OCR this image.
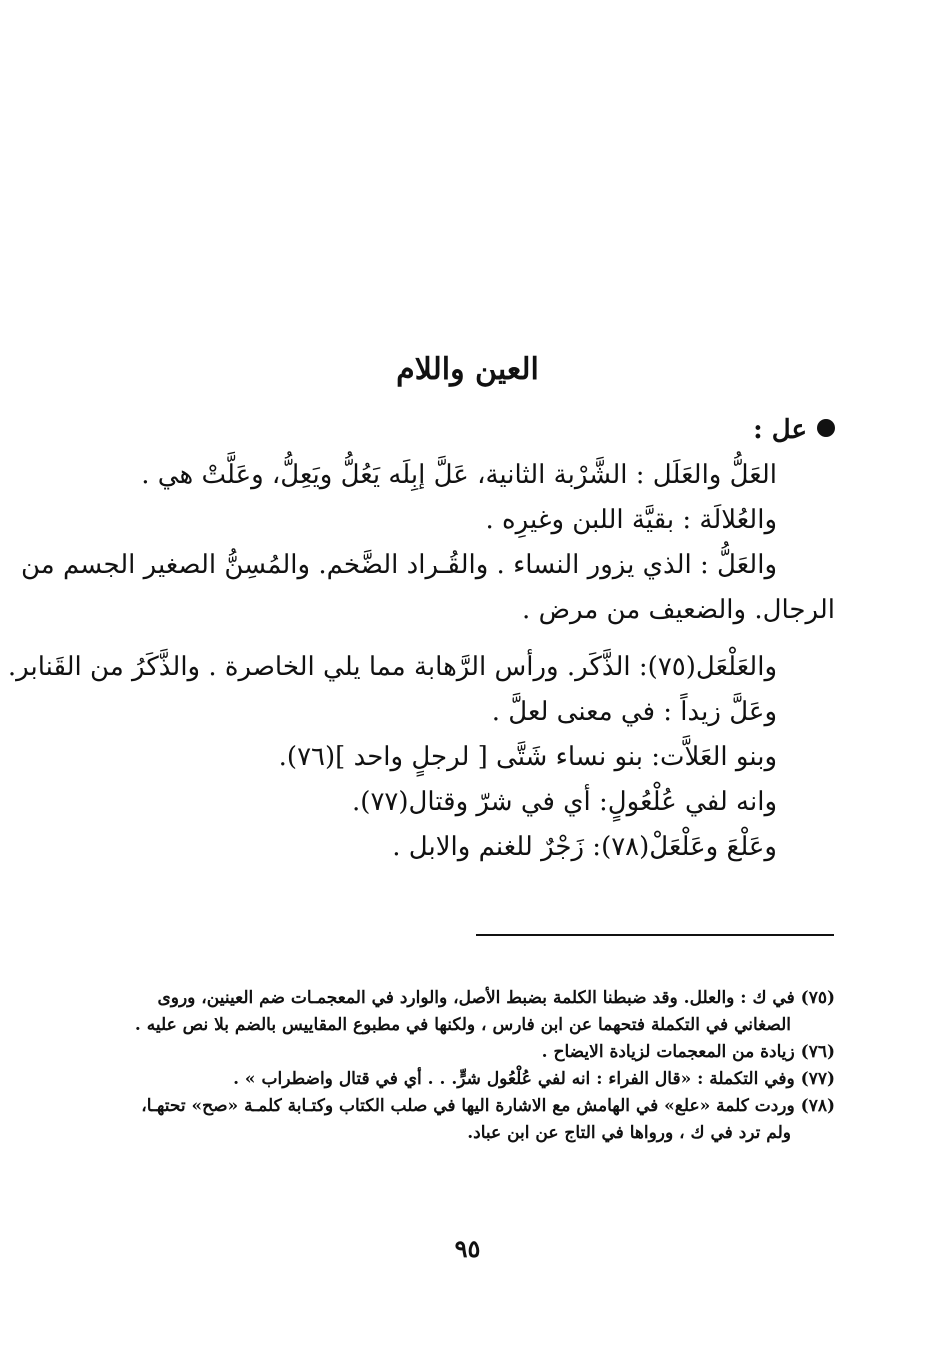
العين واللام
عل :
العَلُّ والعَلَل : الشَّرْبة الثانية، عَلَّ إبِلَه يَعُلُّ ويَعِلُّ، وعَلَّتْ هي .
والعُلالَة : بقيَّة اللبن وغيرِه .
والعَلُّ : الذي يزور النساء . والقُـراد الضَّخم. والمُسِنُّ الصغير الجسم من
الرجال. والضعيف من مرض .
والعَلْعَل(٧٥): الذَّكَر. ورأس الرَّهابة مما يلي الخاصرة . والذَّكَرُ من القَنابر.
وعَلَّ زيداً : في معنى لعلَّ .
وبنو العَلاَّت: بنو نساء شَتَّى [ لرجلٍ واحد ](٧٦).
وانه لفي عُلْعُولٍ: أي في شرّ وقتال(٧٧).
وعَلْعَ وعَلْعَلْ(٧٨): زَجْرٌ للغنم والابل .
(٧٥) في ك : والعلل. وقد ضبطنا الكلمة بضبط الأصل، والوارد في المعجمـات ضم العينين، وروى
الصغاني في التكملة فتحهما عن ابن فارس ، ولكنها في مطبوع المقاييس بالضم بلا نص عليه .
(٧٦) زيادة من المعجمات لزيادة الايضاح .
(٧٧) وفي التكملة : «قال الفراء : انه لفي عُلْعُول شرٍّ. . . أي في قتال واضطراب » .
(٧٨) وردت كلمة «علع» في الهامش مع الاشارة اليها في صلب الكتاب وكتـابة كلمـة «صح» تحتهـا،
ولم ترد في ك ، ورواها في التاج عن ابن عباد.
٩٥
